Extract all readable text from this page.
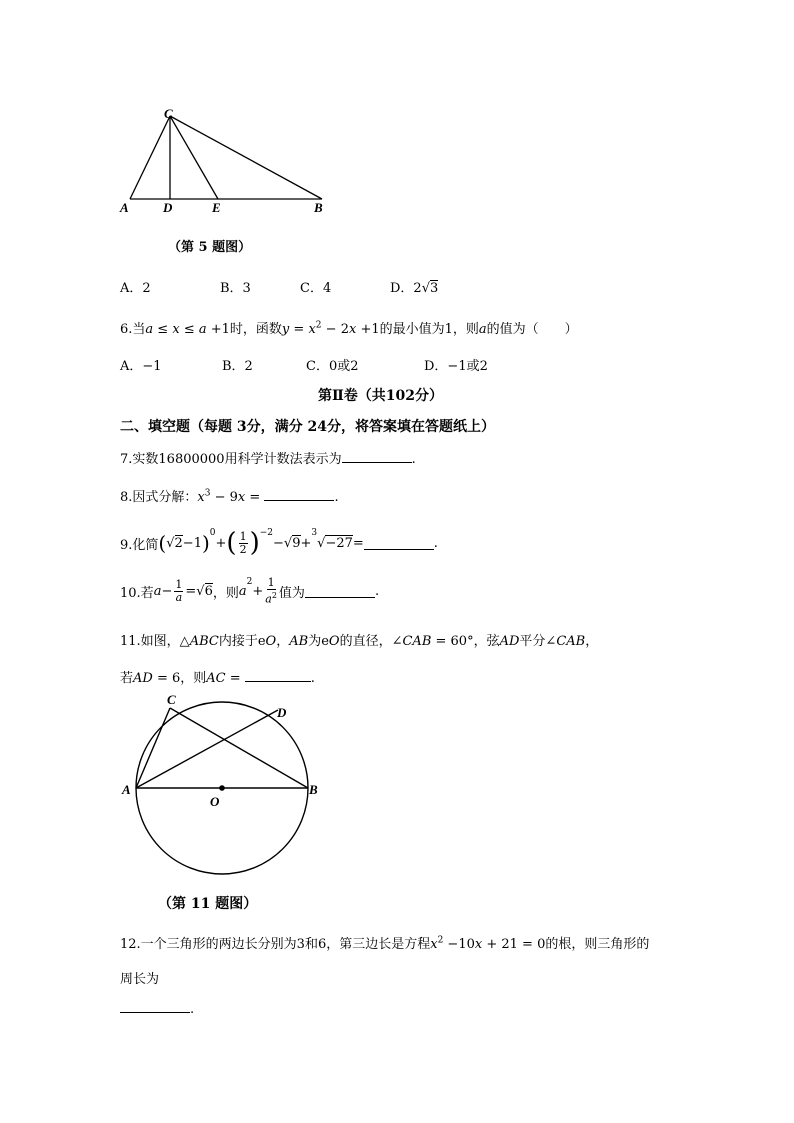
C
A	D	E	B
（第 5 题图）
A．2	B．3	C．4	D．2√3
6.当a ≤ x ≤ a +1时，函数$y = x^2 - 2x +1$的最小值为1，则a的值为（　　）
A．−1	B．2	C．0或2	D．−1或2
第Ⅱ卷（共102分）
二、填空题（每题 3分，满分 24分，将答案填在答题纸上）
7.实数16800000用科学计数法表示为	.
8.因式分解：$x^3 - 9x$ =	.
9.化简 ( √ 2 −1 ) 0
+ ( $\frac{1}{2}$ ) −2
− √ 9 +
3
√ −27 =	.
10.若 $a - \frac{1}{a}$ = √ 6 ，则 a
2
+ $\frac{1}{a^2}$ 值为	.
11.如图，△ABC内接于eO，AB为eO的直径，∠CAB = 60°，弦AD平分∠CAB，
若AD = 6，则AC =	.
C
D
A
O
B
（第 11 题图）
12.一个三角形的两边长分别为3和6，第三边长是方程$x^2 -10x + 21 = 0$的根，则三角形的
周长为
.
